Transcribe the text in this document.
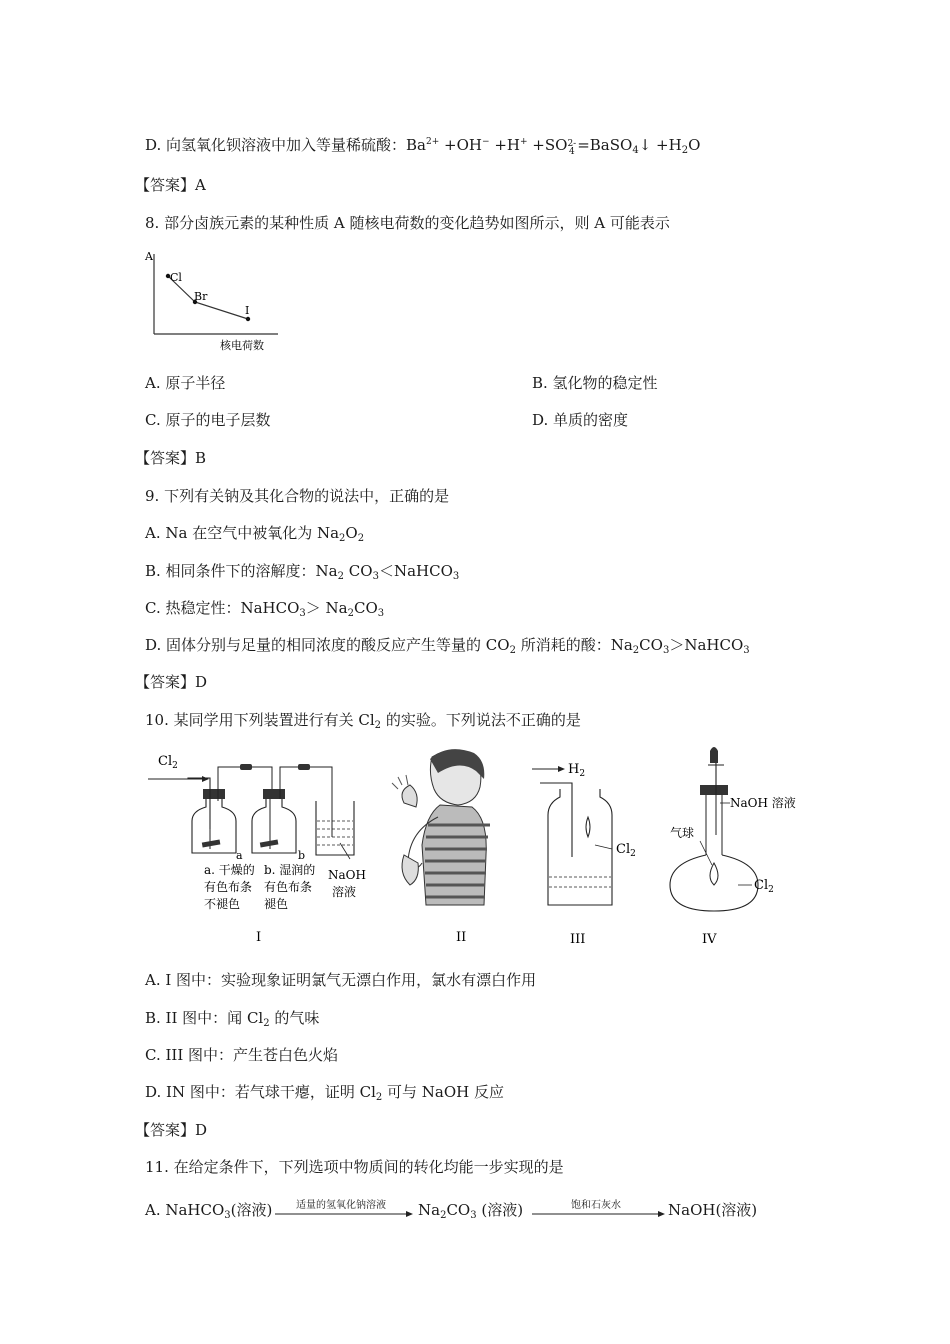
D. 向氢氧化钡溶液中加入等量稀硫酸：$Ba^{2+} +OH^- +H^+ +SO$ 2-
4 =BaSO$_4$↓ $+H_2O$
【答案】A
8. 部分卤族元素的某种性质 A 随核电荷数的变化趋势如图所示，则 A 可能表示
A
Cl
Br
I
核电荷数
A. 原子半径	B. 氢化物的稳定性
C. 原子的电子层数	D. 单质的密度
【答案】B
9. 下列有关钠及其化合物的说法中，正确的是
A. Na 在空气中被氧化为 $Na_2O_2$
B. 相同条件下的溶解度：$Na_2$ $CO_3<NaHCO_3$
C. 热稳定性：NaHCO$_3$＞ $Na_2CO_3$
D. 固体分别与足量的相同浓度的酸反应产生等量的 $CO_2$ 所消耗的酸：$Na_2CO_3>NaHCO_3$
【答案】D
10. 某同学用下列装置进行有关 $Cl_2$ 的实验。下列说法不正确的是
$Cl_2$
a	b
a. 干燥的
有色布条
不褪色
b. 湿润的
有色布条
褪色
NaOH
溶液
I	II
$H_2$
$Cl_2$
III
NaOH 溶液
气球
$Cl_2$
IV
A. I 图中：实验现象证明氯气无漂白作用，氯水有漂白作用
B. II 图中：闻 $Cl_2$ 的气味
C. III 图中：产生苍白色火焰
D. IN 图中：若气球干瘪，证明 $Cl_2$ 可与 NaOH 反应
【答案】D
11. 在给定条件下，下列选项中物质间的转化均能一步实现的是
A. NaHCO$_3$(溶液)	适量的氢氧化钠溶液	$Na_2CO_3$ (溶液)	饱和石灰水	NaOH(溶液)
